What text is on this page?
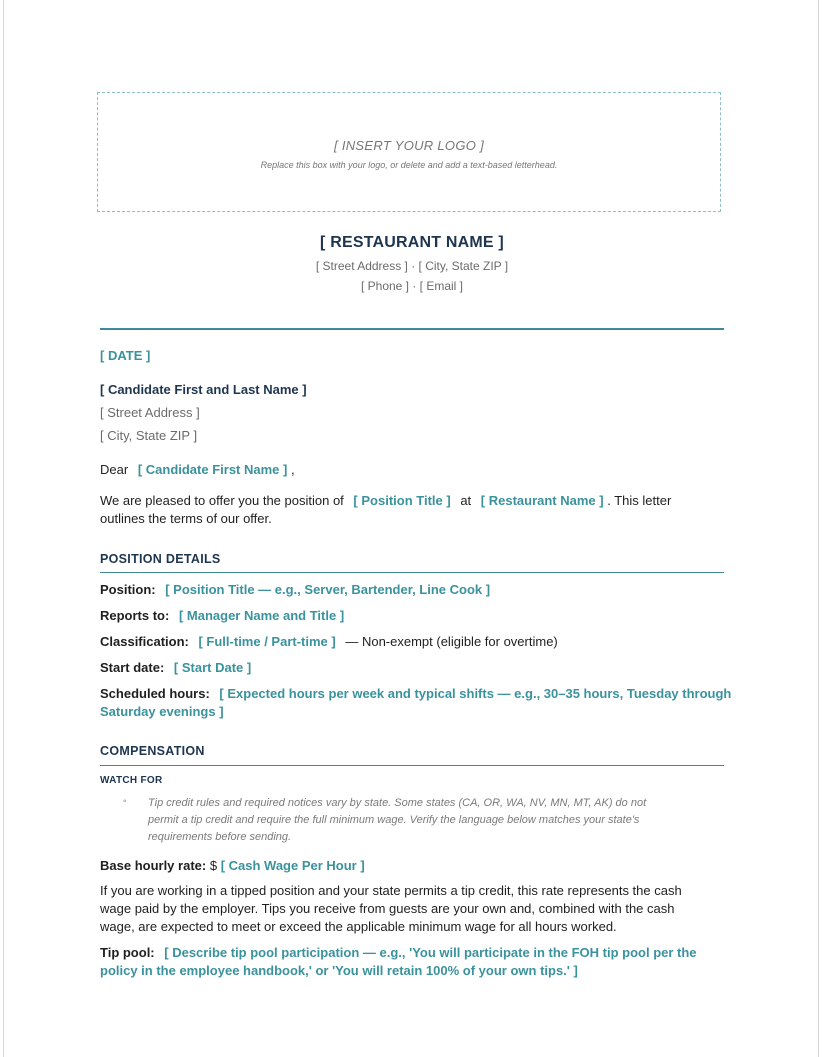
[ INSERT YOUR LOGO ]
Replace this box with your logo, or delete and add a text-based letterhead.
[ RESTAURANT NAME ]
[ Street Address ] · [ City, State ZIP ]
[ Phone ] · [ Email ]
[ DATE ]
[ Candidate First and Last Name ]
[ Street Address ]
[ City, State ZIP ]
Dear [ Candidate First Name ] ,
We are pleased to offer you the position of [ Position Title ] at [ Restaurant Name ] . This letter
outlines the terms of our offer.
POSITION DETAILS
Position: [ Position Title — e.g., Server, Bartender, Line Cook ]
Reports to: [ Manager Name and Title ]
Classification: [ Full-time / Part-time ] — Non-exempt (eligible for overtime)
Start date: [ Start Date ]
Scheduled hours: [ Expected hours per week and typical shifts — e.g., 30–35 hours, Tuesday through
Saturday evenings ]
COMPENSATION
WATCH FOR
◦ Tip credit rules and required notices vary by state. Some states (CA, OR, WA, NV, MN, MT, AK) do not
permit a tip credit and require the full minimum wage. Verify the language below matches your state's
requirements before sending.
Base hourly rate: $ [ Cash Wage Per Hour ]
If you are working in a tipped position and your state permits a tip credit, this rate represents the cash
wage paid by the employer. Tips you receive from guests are your own and, combined with the cash
wage, are expected to meet or exceed the applicable minimum wage for all hours worked.
Tip pool: [ Describe tip pool participation — e.g., 'You will participate in the FOH tip pool per the
policy in the employee handbook,' or 'You will retain 100% of your own tips.' ]
